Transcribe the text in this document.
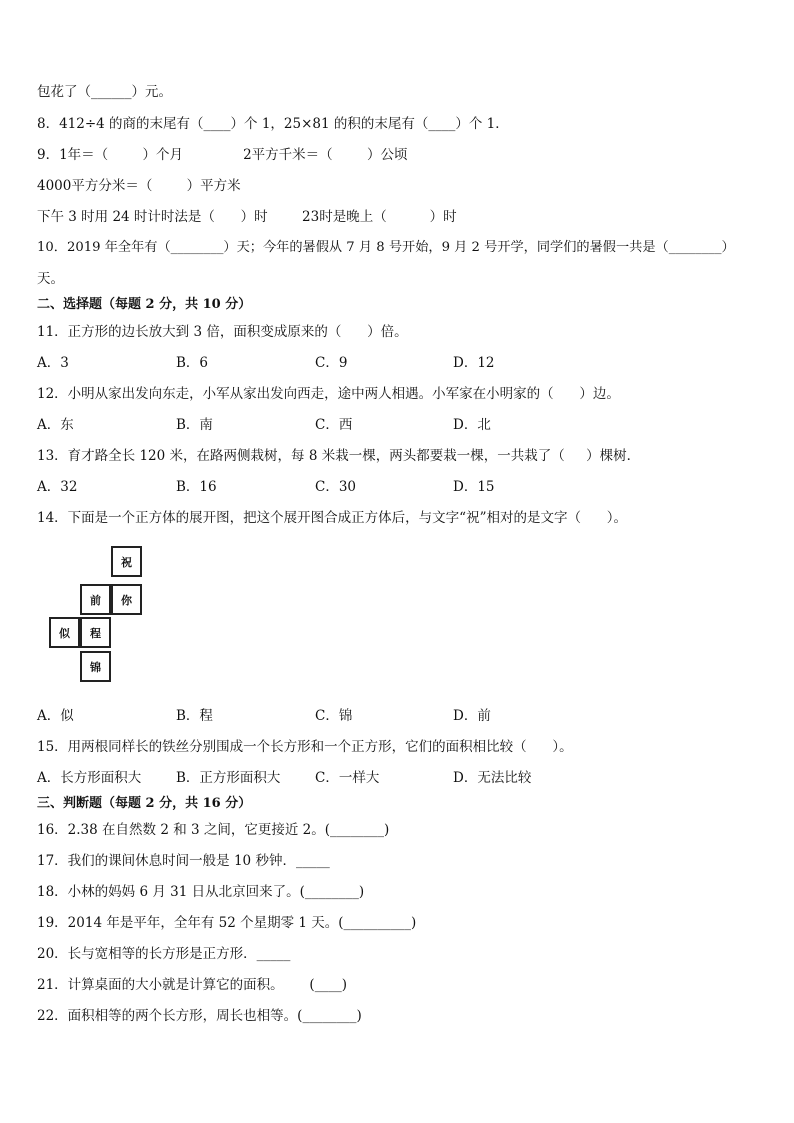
包花了（______）元。
8．412÷4 的商的末尾有（____）个 1，25×81 的积的末尾有（____）个 1．
9．1年＝（        ）个月              2平方千米＝（        ）公顷
4000平方分米＝（        ）平方米
下午 3 时用 24 时计时法是（      ）时        23时是晚上（          ）时
10．2019 年全年有（________）天；今年的暑假从 7 月 8 号开始，9 月 2 号开学，同学们的暑假一共是（________）
天。
二、选择题（每题 2 分，共 10 分）
11．正方形的边长放大到 3 倍，面积变成原来的（      ）倍。
A．3	B．6	C．9	D．12
12．小明从家出发向东走，小军从家出发向西走，途中两人相遇。小军家在小明家的（      ）边。
A．东	B．南	C．西	D．北
13．育才路全长 120 米，在路两侧栽树，每 8 米栽一棵，两头都要栽一棵，一共栽了（     ）棵树．
A．32	B．16	C．30	D．15
14．下面是一个正方体的展开图，把这个展开图合成正方体后，与文字“祝”相对的是文字（      ）。
祝
前	你
似	程
锦
A．似	B．程	C．锦	D．前
15．用两根同样长的铁丝分别围成一个长方形和一个正方形，它们的面积相比较（      ）。
A．长方形面积大	B．正方形面积大	C．一样大	D．无法比较
三、判断题（每题 2 分，共 16 分）
16．2.38 在自然数 2 和 3 之间，它更接近 2。(________)
17．我们的课间休息时间一般是 10 秒钟．_____
18．小林的妈妈 6 月 31 日从北京回来了。(________)
19．2014 年是平年，全年有 52 个星期零 1 天。(__________)
20．长与宽相等的长方形是正方形．_____
21．计算桌面的大小就是计算它的面积。      (____)
22．面积相等的两个长方形，周长也相等。(________)
